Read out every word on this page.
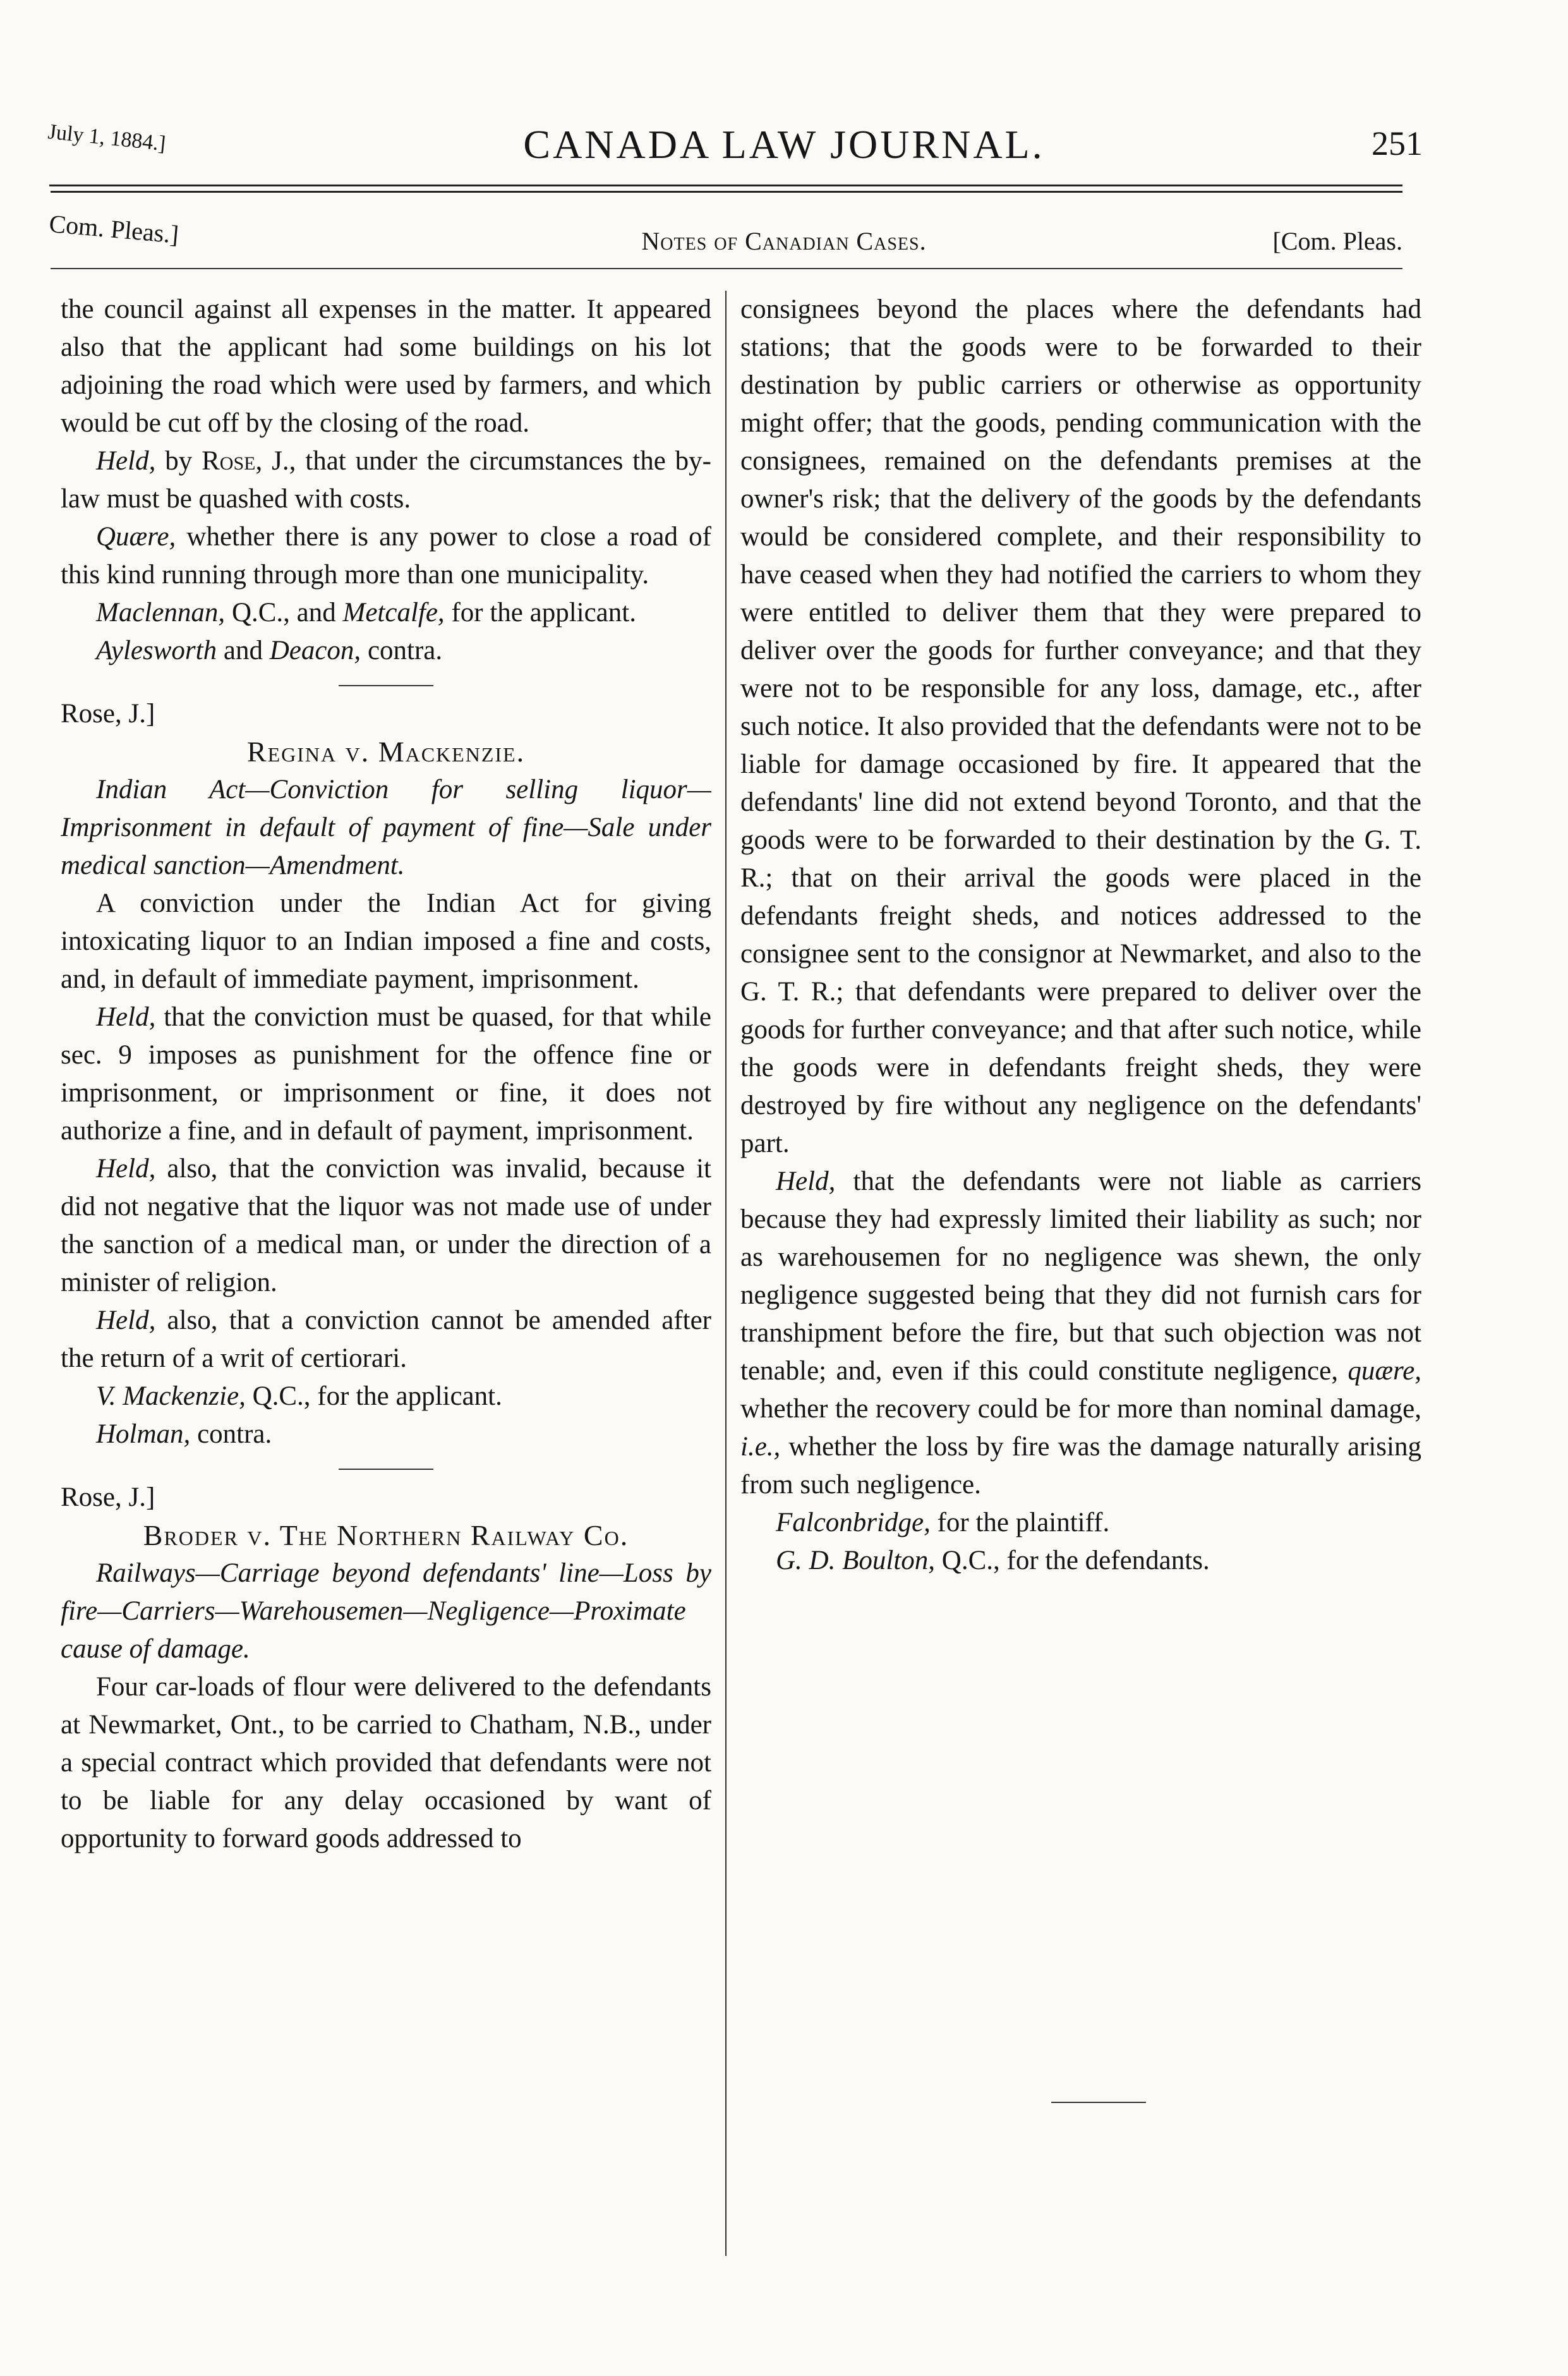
July 1, 1884.]	CANADA LAW JOURNAL.	251
Com. Pleas.]	Notes of Canadian Cases.	[Com. Pleas.

the council against all expenses in the matter. It appeared also that the applicant had some buildings on his lot adjoining the road which were used by farmers, and which would be cut off by the closing of the road.

Held, by Rose, J., that under the circumstances the by-law must be quashed with costs.

Quære, whether there is any power to close a road of this kind running through more than one municipality.

Maclennan, Q.C., and Metcalfe, for the applicant.

Aylesworth and Deacon, contra.

Rose, J.]

Regina v. Mackenzie.

Indian Act—Conviction for selling liquor—Imprisonment in default of payment of fine—Sale under medical sanction—Amendment.

A conviction under the Indian Act for giving intoxicating liquor to an Indian imposed a fine and costs, and, in default of immediate payment, imprisonment.

Held, that the conviction must be quased, for that while sec. 9 imposes as punishment for the offence fine or imprisonment, or imprisonment or fine, it does not authorize a fine, and in default of payment, imprisonment.

Held, also, that the conviction was invalid, because it did not negative that the liquor was not made use of under the sanction of a medical man, or under the direction of a minister of religion.

Held, also, that a conviction cannot be amended after the return of a writ of certiorari.

V. Mackenzie, Q.C., for the applicant.

Holman, contra.

Rose, J.]

Broder v. The Northern Railway Co.

Railways—Carriage beyond defendants' line—Loss by fire—Carriers—Warehousemen—Negligence—Proximate cause of damage.

Four car-loads of flour were delivered to the defendants at Newmarket, Ont., to be carried to Chatham, N.B., under a special contract which provided that defendants were not to be liable for any delay occasioned by want of opportunity to forward goods addressed to

consignees beyond the places where the defendants had stations; that the goods were to be forwarded to their destination by public carriers or otherwise as opportunity might offer; that the goods, pending communication with the consignees, remained on the defendants premises at the owner's risk; that the delivery of the goods by the defendants would be considered complete, and their responsibility to have ceased when they had notified the carriers to whom they were entitled to deliver them that they were prepared to deliver over the goods for further conveyance; and that they were not to be responsible for any loss, damage, etc., after such notice. It also provided that the defendants were not to be liable for damage occasioned by fire. It appeared that the defendants' line did not extend beyond Toronto, and that the goods were to be forwarded to their destination by the G. T. R.; that on their arrival the goods were placed in the defendants freight sheds, and notices addressed to the consignee sent to the consignor at Newmarket, and also to the G. T. R.; that defendants were prepared to deliver over the goods for further conveyance; and that after such notice, while the goods were in defendants freight sheds, they were destroyed by fire without any negligence on the defendants' part.

Held, that the defendants were not liable as carriers because they had expressly limited their liability as such; nor as warehousemen for no negligence was shewn, the only negligence suggested being that they did not furnish cars for transhipment before the fire, but that such objection was not tenable; and, even if this could constitute negligence, quære, whether the recovery could be for more than nominal damage, i.e., whether the loss by fire was the damage naturally arising from such negligence.

Falconbridge, for the plaintiff.

G. D. Boulton, Q.C., for the defendants.
